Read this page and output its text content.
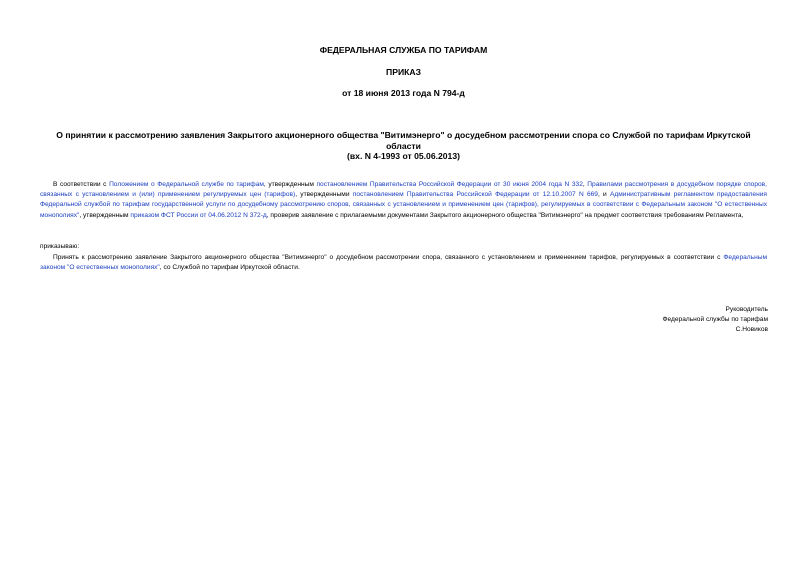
ФЕДЕРАЛЬНАЯ СЛУЖБА ПО ТАРИФАМ
ПРИКАЗ
от 18 июня 2013 года N 794-д
О принятии к рассмотрению заявления Закрытого акционерного общества "Витимэнерго" о досудебном рассмотрении спора со Службой по тарифам Иркутской
области
(вх. N 4-1993 от 05.06.2013)
В соответствии с Положением о Федеральной службе по тарифам, утвержденным постановлением Правительства Российской Федерации от 30 июня 2004 года N 332, Правилами рассмотрения в досудебном порядке споров, связанных с установлением и (или) применением регулируемых цен (тарифов), утвержденными постановлением Правительства Российской Федерации от 12.10.2007 N 669, и Административным регламентом предоставления Федеральной службой по тарифам государственной услуги по досудебному рассмотрению споров, связанных с установлением и применением цен (тарифов), регулируемых в соответствии с Федеральным законом "О естественных монополиях", утвержденным приказом ФСТ России от 04.06.2012 N 372-д, проверив заявление с прилагаемыми документами Закрытого акционерного общества "Витимэнерго" на предмет соответствия требованиям Регламента,
приказываю:
Принять к рассмотрению заявление Закрытого акционерного общества "Витимэнерго" о досудебном рассмотрении спора, связанного с установлением и применением тарифов, регулируемых в соответствии с Федеральным законом "О естественных монополиях", со Службой по тарифам Иркутской области.
Руководитель
Федеральной службы по тарифам
С.Новиков
